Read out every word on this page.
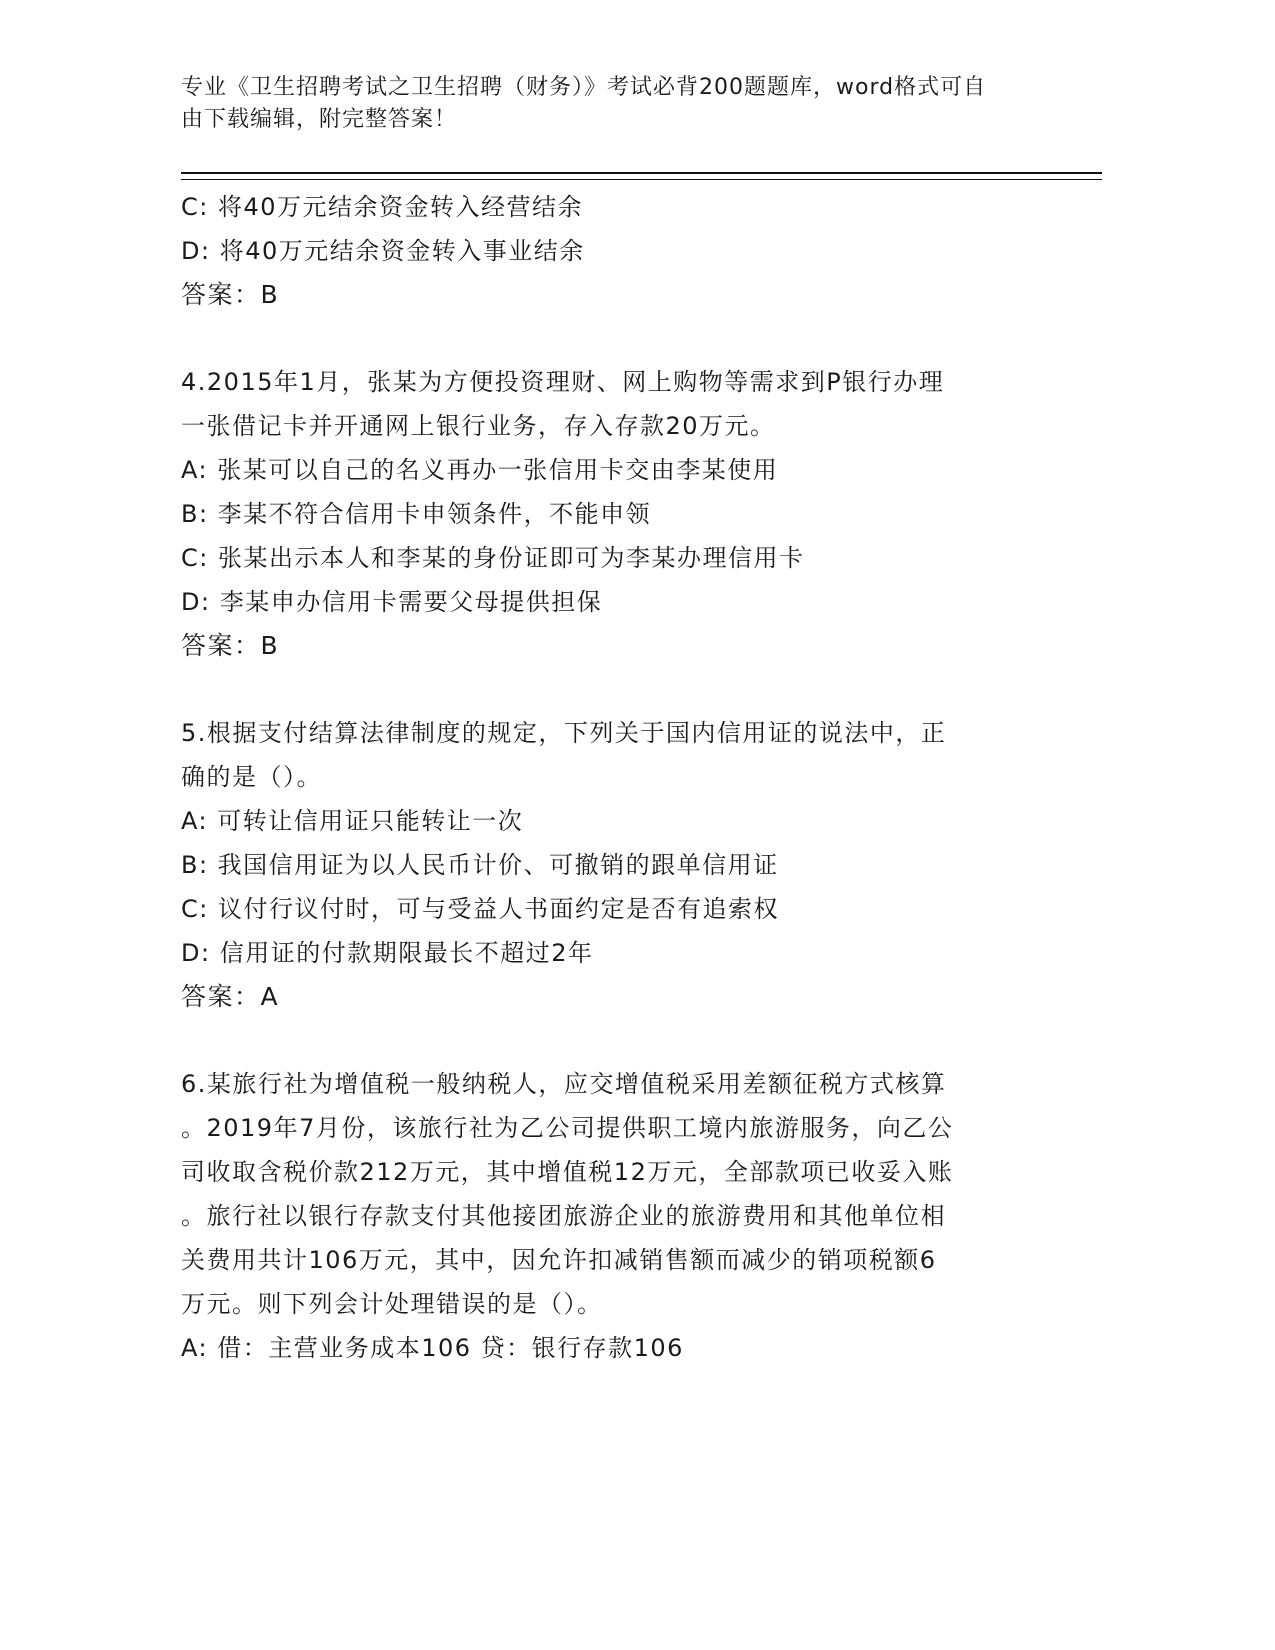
专业《卫生招聘考试之卫生招聘（财务）》考试必背200题题库，word格式可自
由下载编辑，附完整答案！
C: 将40万元结余资金转入经营结余
D: 将40万元结余资金转入事业结余
答案：B
4.2015年1月，张某为方便投资理财、网上购物等需求到P银行办理
一张借记卡并开通网上银行业务，存入存款20万元。
A: 张某可以自己的名义再办一张信用卡交由李某使用
B: 李某不符合信用卡申领条件，不能申领
C: 张某出示本人和李某的身份证即可为李某办理信用卡
D: 李某申办信用卡需要父母提供担保
答案：B
5.根据支付结算法律制度的规定，下列关于国内信用证的说法中，正
确的是（）。
A: 可转让信用证只能转让一次
B: 我国信用证为以人民币计价、可撤销的跟单信用证
C: 议付行议付时，可与受益人书面约定是否有追索权
D: 信用证的付款期限最长不超过2年
答案：A
6.某旅行社为增值税一般纳税人，应交增值税采用差额征税方式核算
。2019年7月份，该旅行社为乙公司提供职工境内旅游服务，向乙公
司收取含税价款212万元，其中增值税12万元，全部款项已收妥入账
。旅行社以银行存款支付其他接团旅游企业的旅游费用和其他单位相
关费用共计106万元，其中，因允许扣减销售额而减少的销项税额6
万元。则下列会计处理错误的是（）。
A: 借：主营业务成本106 贷：银行存款106
